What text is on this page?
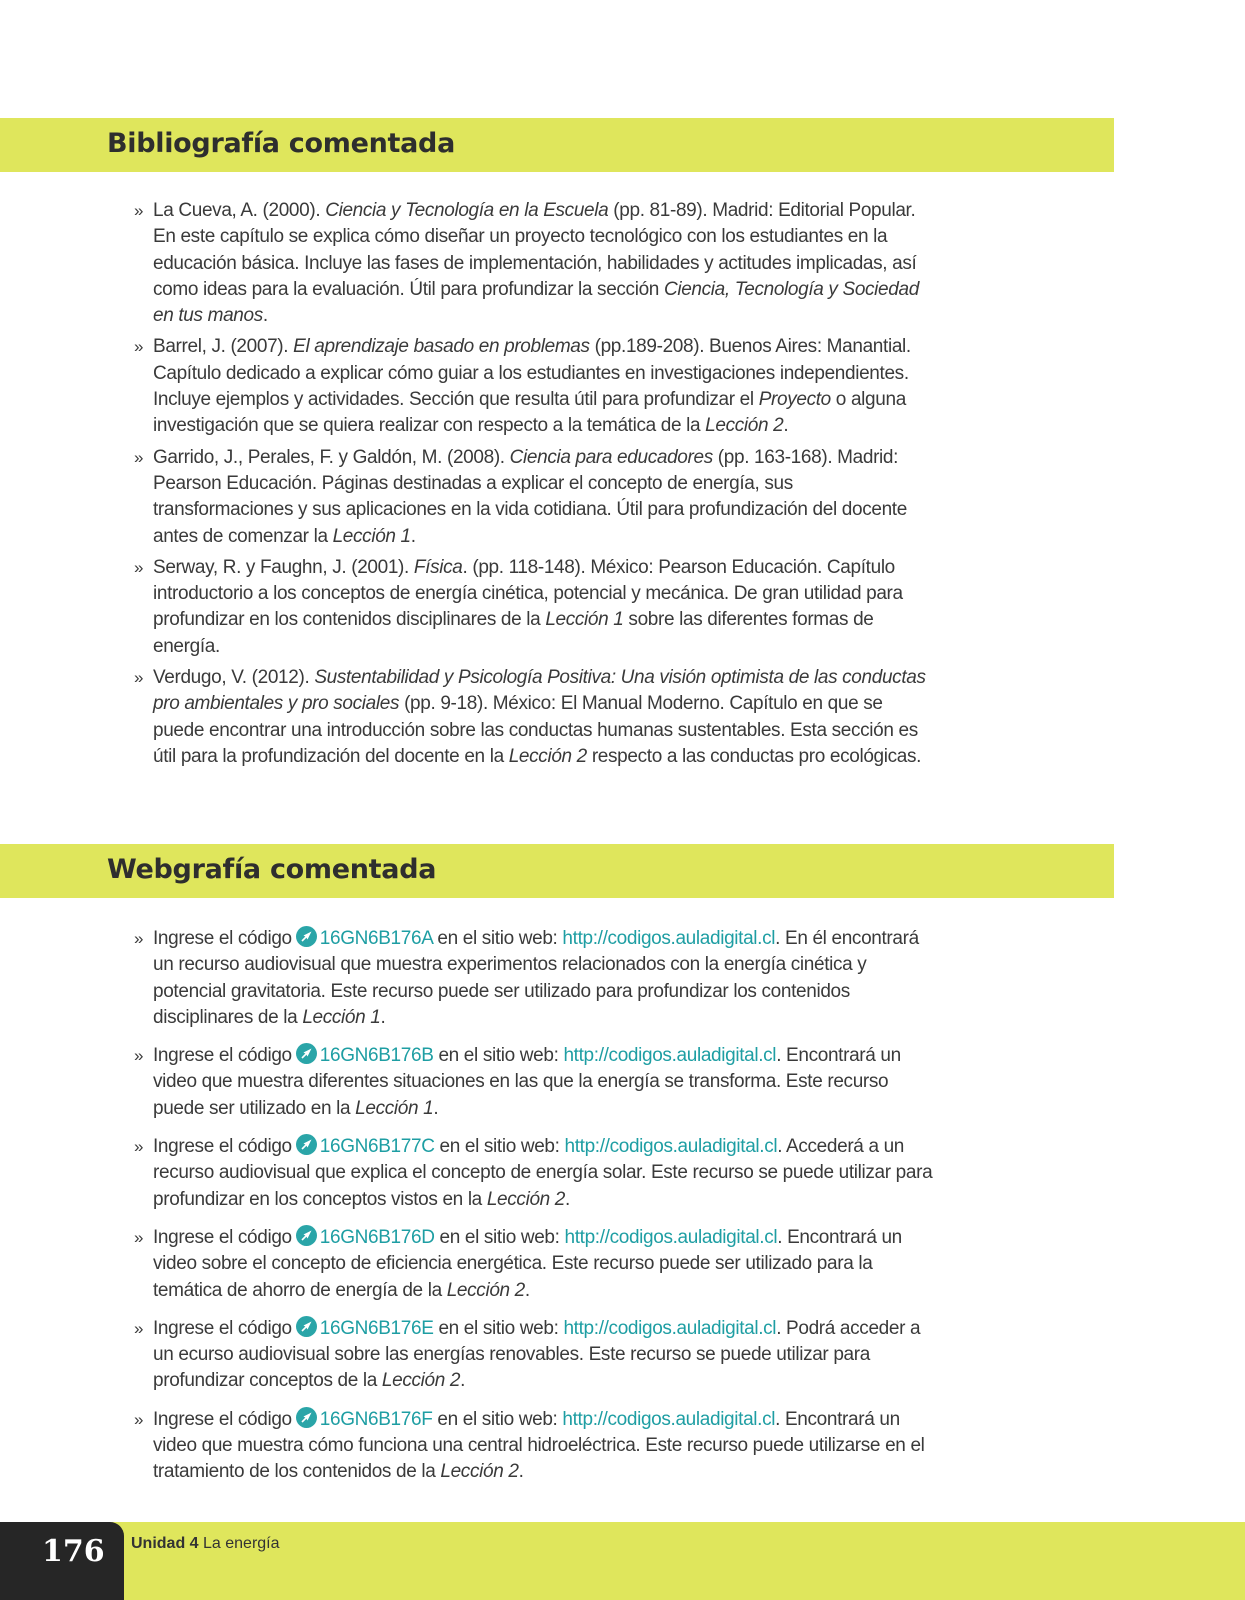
Bibliografía comentada
» La Cueva, A. (2000). Ciencia y Tecnología en la Escuela (pp. 81-89). Madrid: Editorial Popular. En este capítulo se explica cómo diseñar un proyecto tecnológico con los estudiantes en la educación básica. Incluye las fases de implementación, habilidades y actitudes implicadas, así como ideas para la evaluación. Útil para profundizar la sección Ciencia, Tecnología y Sociedad en tus manos.
» Barrel, J. (2007). El aprendizaje basado en problemas (pp.189-208). Buenos Aires: Manantial. Capítulo dedicado a explicar cómo guiar a los estudiantes en investigaciones independientes. Incluye ejemplos y actividades. Sección que resulta útil para profundizar el Proyecto o alguna investigación que se quiera realizar con respecto a la temática de la Lección 2.
» Garrido, J., Perales, F. y Galdón, M. (2008). Ciencia para educadores (pp. 163-168). Madrid: Pearson Educación. Páginas destinadas a explicar el concepto de energía, sus transformaciones y sus aplicaciones en la vida cotidiana. Útil para profundización del docente antes de comenzar la Lección 1.
» Serway, R. y Faughn, J. (2001). Física. (pp. 118-148). México: Pearson Educación. Capítulo introductorio a los conceptos de energía cinética, potencial y mecánica. De gran utilidad para profundizar en los contenidos disciplinares de la Lección 1 sobre las diferentes formas de energía.
» Verdugo, V. (2012). Sustentabilidad y Psicología Positiva: Una visión optimista de las conductas pro ambientales y pro sociales (pp. 9-18). México: El Manual Moderno. Capítulo en que se puede encontrar una introducción sobre las conductas humanas sustentables. Esta sección es útil para la profundización del docente en la Lección 2 respecto a las conductas pro ecológicas.
Webgrafía comentada
» Ingrese el código 16GN6B176A en el sitio web: http://codigos.auladigital.cl. En él encontrará un recurso audiovisual que muestra experimentos relacionados con la energía cinética y potencial gravitatoria. Este recurso puede ser utilizado para profundizar los contenidos disciplinares de la Lección 1.
» Ingrese el código 16GN6B176B en el sitio web: http://codigos.auladigital.cl. Encontrará un video que muestra diferentes situaciones en las que la energía se transforma. Este recurso puede ser utilizado en la Lección 1.
» Ingrese el código 16GN6B177C en el sitio web: http://codigos.auladigital.cl. Accederá a un recurso audiovisual que explica el concepto de energía solar. Este recurso se puede utilizar para profundizar en los conceptos vistos en la Lección 2.
» Ingrese el código 16GN6B176D en el sitio web: http://codigos.auladigital.cl. Encontrará un video sobre el concepto de eficiencia energética. Este recurso puede ser utilizado para la temática de ahorro de energía de la Lección 2.
» Ingrese el código 16GN6B176E en el sitio web: http://codigos.auladigital.cl. Podrá acceder a un ecurso audiovisual sobre las energías renovables. Este recurso se puede utilizar para profundizar conceptos de la Lección 2.
» Ingrese el código 16GN6B176F en el sitio web: http://codigos.auladigital.cl. Encontrará un video que muestra cómo funciona una central hidroeléctrica. Este recurso puede utilizarse en el tratamiento de los contenidos de la Lección 2.
Unidad 4 La energía
176
